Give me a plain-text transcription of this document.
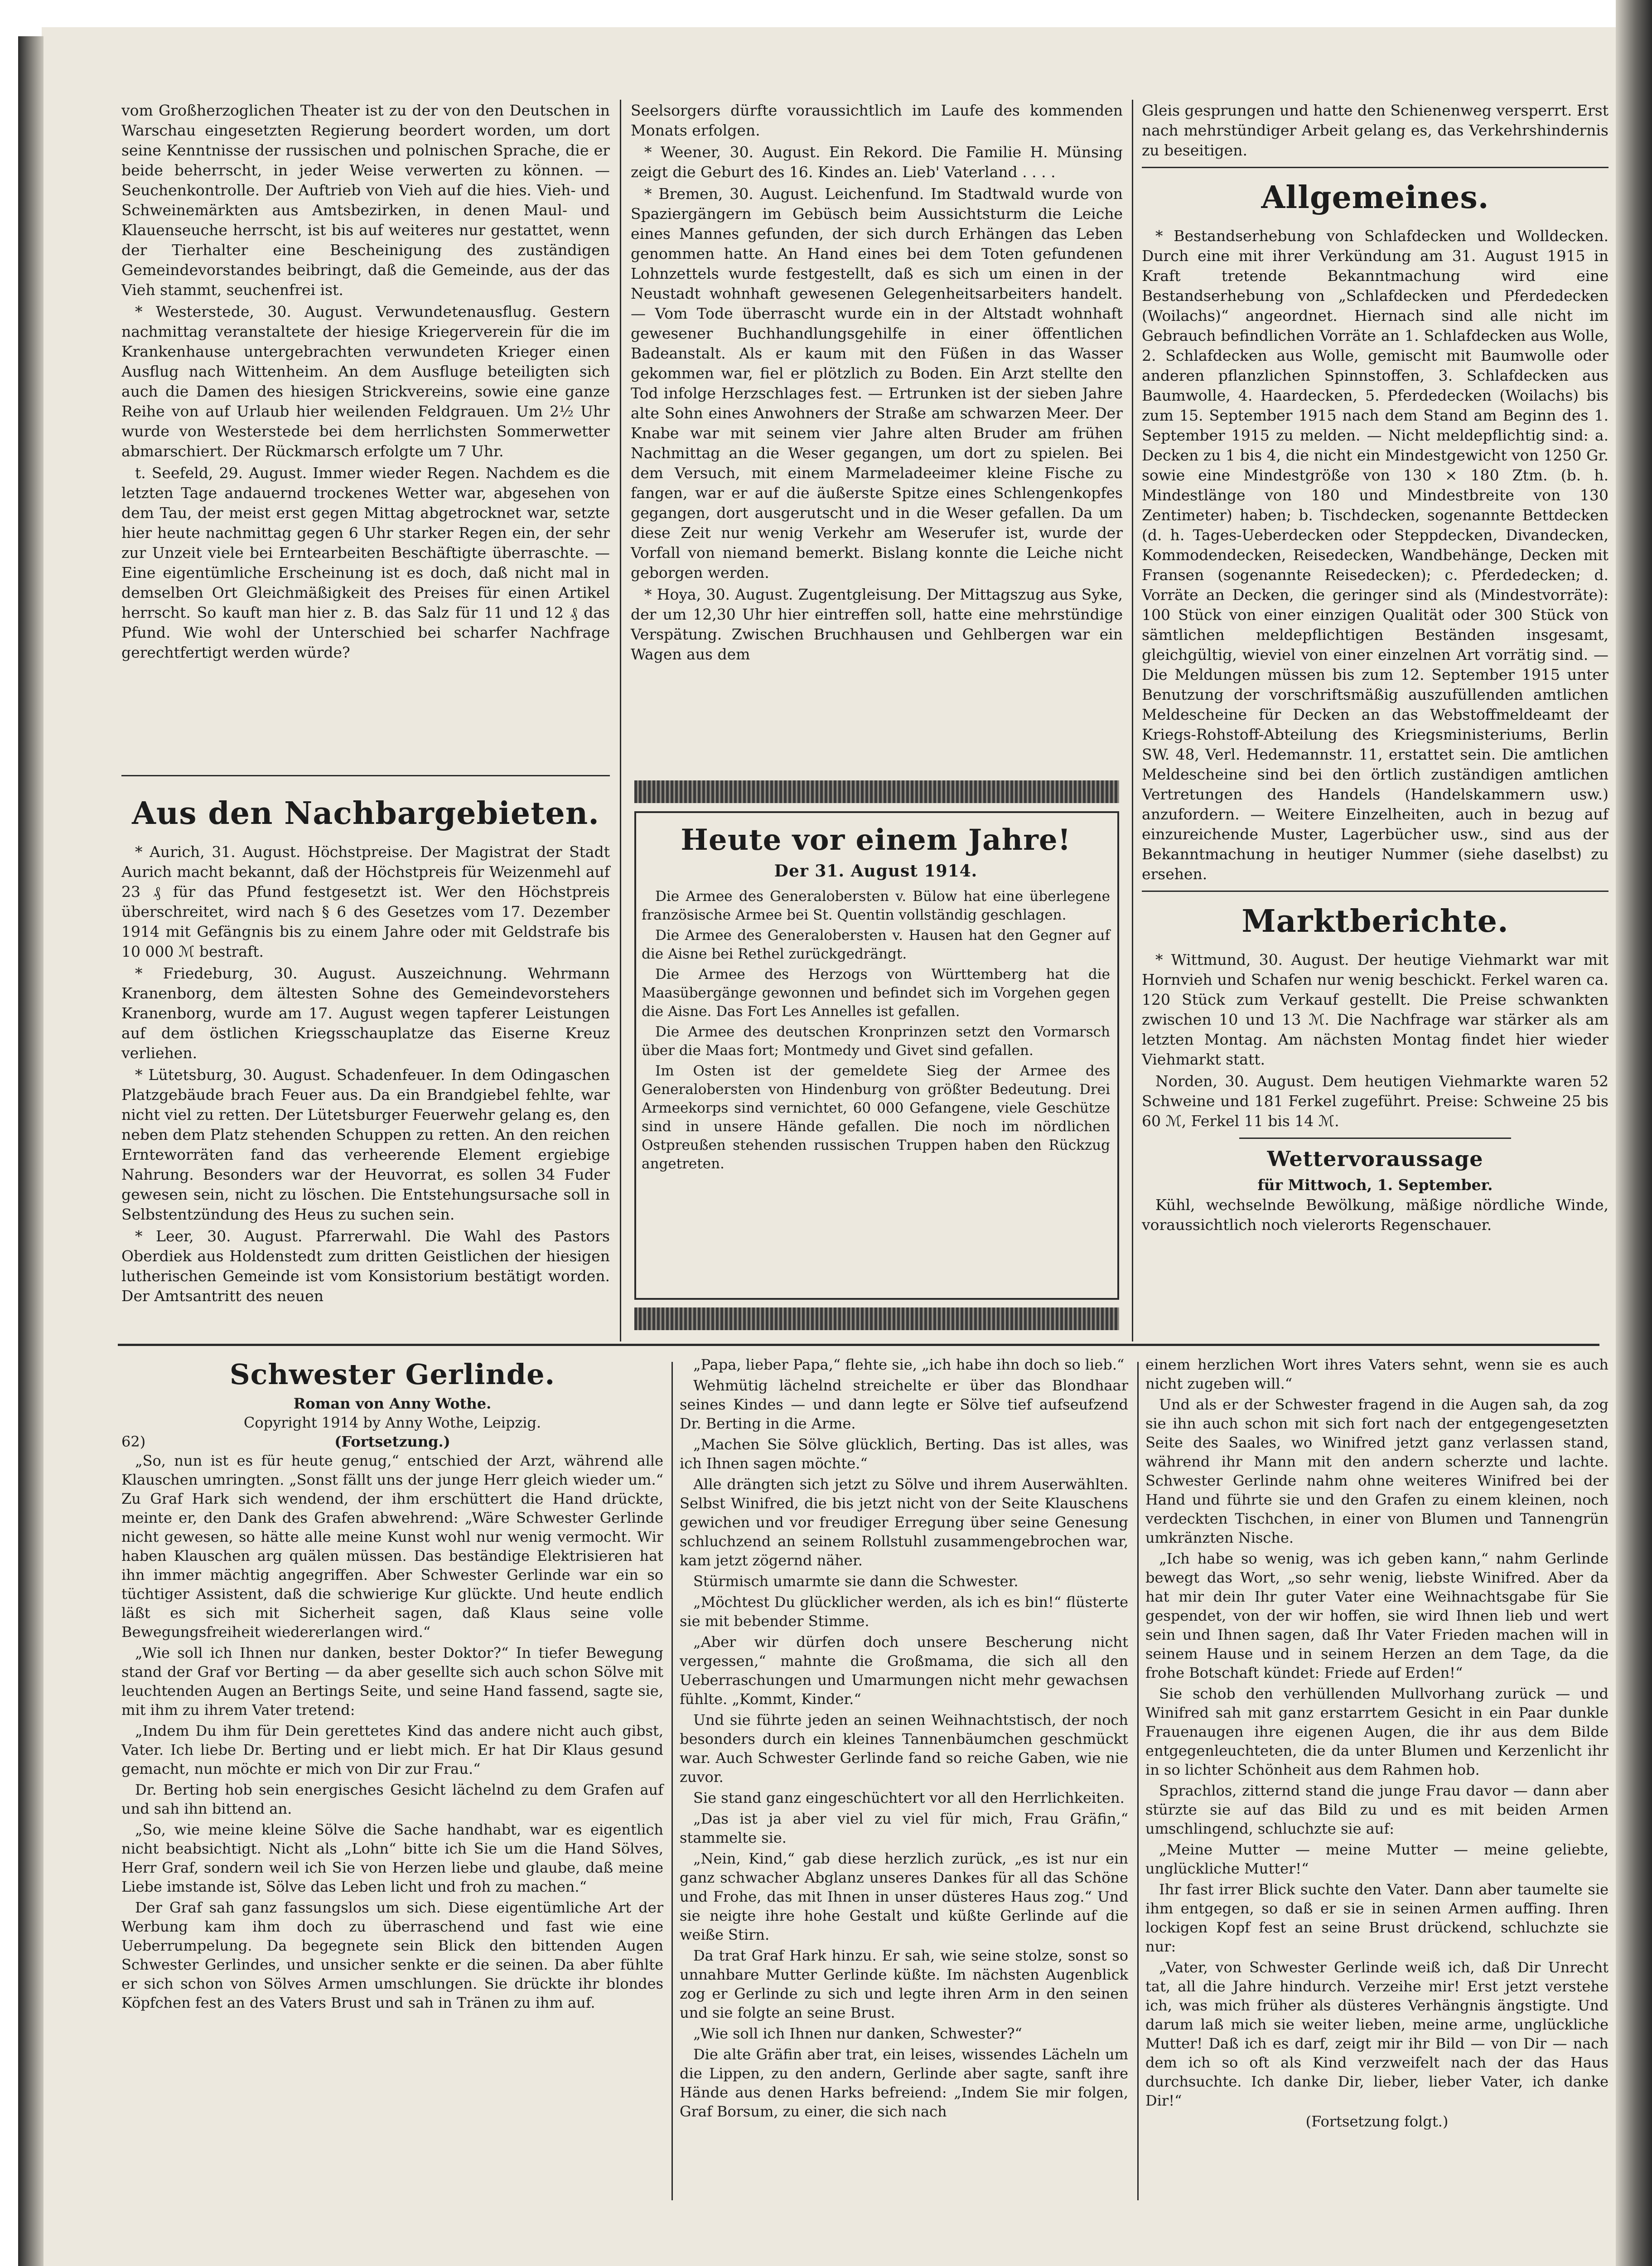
vom Großherzoglichen Theater ist zu der von den Deutschen in Warschau eingesetzten Regierung beordert worden, um dort seine Kenntnisse der russischen und polnischen Sprache, die er beide beherrscht, in jeder Weise verwerten zu können. — Seuchenkontrolle. Der Auftrieb von Vieh auf die hies. Vieh- und Schweinemärkten aus Amtsbezirken, in denen Maul- und Klauenseuche herrscht, ist bis auf weiteres nur gestattet, wenn der Tierhalter eine Bescheinigung des zuständigen Gemeindevorstandes beibringt, daß die Gemeinde, aus der das Vieh stammt, seuchenfrei ist.

* Westerstede, 30. August. Verwundetenausflug. Gestern nachmittag veranstaltete der hiesige Kriegerverein für die im Krankenhause untergebrachten verwundeten Krieger einen Ausflug nach Wittenheim. An dem Ausfluge beteiligten sich auch die Damen des hiesigen Strickvereins, sowie eine ganze Reihe von auf Urlaub hier weilenden Feldgrauen. Um 2½ Uhr wurde von Westerstede bei dem herrlichsten Sommerwetter abmarschiert. Der Rückmarsch erfolgte um 7 Uhr.

t. Seefeld, 29. August. Immer wieder Regen. Nachdem es die letzten Tage andauernd trockenes Wetter war, abgesehen von dem Tau, der meist erst gegen Mittag abgetrocknet war, setzte hier heute nachmittag gegen 6 Uhr starker Regen ein, der sehr zur Unzeit viele bei Erntearbeiten Beschäftigte überraschte. — Eine eigentümliche Erscheinung ist es doch, daß nicht mal in demselben Ort Gleichmäßigkeit des Preises für einen Artikel herrscht. So kauft man hier z. B. das Salz für 11 und 12 ₰ das Pfund. Wie wohl der Unterschied bei scharfer Nachfrage gerechtfertigt werden würde?

Aus den Nachbargebieten.

* Aurich, 31. August. Höchstpreise. Der Magistrat der Stadt Aurich macht bekannt, daß der Höchstpreis für Weizenmehl auf 23 ₰ für das Pfund festgesetzt ist. Wer den Höchstpreis überschreitet, wird nach § 6 des Gesetzes vom 17. Dezember 1914 mit Gefängnis bis zu einem Jahre oder mit Geldstrafe bis 10 000 ℳ bestraft.

* Friedeburg, 30. August. Auszeichnung. Wehrmann Kranenborg, dem ältesten Sohne des Gemeindevorstehers Kranenborg, wurde am 17. August wegen tapferer Leistungen auf dem östlichen Kriegsschauplatze das Eiserne Kreuz verliehen.

* Lütetsburg, 30. August. Schadenfeuer. In dem Odingaschen Platzgebäude brach Feuer aus. Da ein Brandgiebel fehlte, war nicht viel zu retten. Der Lütetsburger Feuerwehr gelang es, den neben dem Platz stehenden Schuppen zu retten. An den reichen Ernteworräten fand das verheerende Element ergiebige Nahrung. Besonders war der Heuvorrat, es sollen 34 Fuder gewesen sein, nicht zu löschen. Die Entstehungsursache soll in Selbstentzündung des Heus zu suchen sein.

* Leer, 30. August. Pfarrerwahl. Die Wahl des Pastors Oberdiek aus Holdenstedt zum dritten Geistlichen der hiesigen lutherischen Gemeinde ist vom Konsistorium bestätigt worden. Der Amtsantritt des neuen

Seelsorgers dürfte voraussichtlich im Laufe des kommenden Monats erfolgen.

* Weener, 30. August. Ein Rekord. Die Familie H. Münsing zeigt die Geburt des 16. Kindes an. Lieb' Vaterland . . . .

* Bremen, 30. August. Leichenfund. Im Stadtwald wurde von Spaziergängern im Gebüsch beim Aussichtsturm die Leiche eines Mannes gefunden, der sich durch Erhängen das Leben genommen hatte. An Hand eines bei dem Toten gefundenen Lohnzettels wurde festgestellt, daß es sich um einen in der Neustadt wohnhaft gewesenen Gelegenheitsarbeiters handelt. — Vom Tode überrascht wurde ein in der Altstadt wohnhaft gewesener Buchhandlungsgehilfe in einer öffentlichen Badeanstalt. Als er kaum mit den Füßen in das Wasser gekommen war, fiel er plötzlich zu Boden. Ein Arzt stellte den Tod infolge Herzschlages fest. — Ertrunken ist der sieben Jahre alte Sohn eines Anwohners der Straße am schwarzen Meer. Der Knabe war mit seinem vier Jahre alten Bruder am frühen Nachmittag an die Weser gegangen, um dort zu spielen. Bei dem Versuch, mit einem Marmeladeeimer kleine Fische zu fangen, war er auf die äußerste Spitze eines Schlengenkopfes gegangen, dort ausgerutscht und in die Weser gefallen. Da um diese Zeit nur wenig Verkehr am Weserufer ist, wurde der Vorfall von niemand bemerkt. Bislang konnte die Leiche nicht geborgen werden.

* Hoya, 30. August. Zugentgleisung. Der Mittagszug aus Syke, der um 12,30 Uhr hier eintreffen soll, hatte eine mehrstündige Verspätung. Zwischen Bruchhausen und Gehlbergen war ein Wagen aus dem

Heute vor einem Jahre!
Der 31. August 1914.

Die Armee des Generalobersten v. Bülow hat eine überlegene französische Armee bei St. Quentin vollständig geschlagen.

Die Armee des Generalobersten v. Hausen hat den Gegner auf die Aisne bei Rethel zurückgedrängt.

Die Armee des Herzogs von Württemberg hat die Maasübergänge gewonnen und befindet sich im Vorgehen gegen die Aisne. Das Fort Les Annelles ist gefallen.

Die Armee des deutschen Kronprinzen setzt den Vormarsch über die Maas fort; Montmedy und Givet sind gefallen.

Im Osten ist der gemeldete Sieg der Armee des Generalobersten von Hindenburg von größter Bedeutung. Drei Armeekorps sind vernichtet, 60 000 Gefangene, viele Geschütze sind in unsere Hände gefallen. Die noch im nördlichen Ostpreußen stehenden russischen Truppen haben den Rückzug angetreten.

Gleis gesprungen und hatte den Schienenweg versperrt. Erst nach mehrstündiger Arbeit gelang es, das Verkehrshindernis zu beseitigen.

Allgemeines.

* Bestandserhebung von Schlafdecken und Wolldecken. Durch eine mit ihrer Verkündung am 31. August 1915 in Kraft tretende Bekanntmachung wird eine Bestandserhebung von „Schlafdecken und Pferdedecken (Woilachs)“ angeordnet. Hiernach sind alle nicht im Gebrauch befindlichen Vorräte an 1. Schlafdecken aus Wolle, 2. Schlafdecken aus Wolle, gemischt mit Baumwolle oder anderen pflanzlichen Spinnstoffen, 3. Schlafdecken aus Baumwolle, 4. Haardecken, 5. Pferdedecken (Woilachs) bis zum 15. September 1915 nach dem Stand am Beginn des 1. September 1915 zu melden. — Nicht meldepflichtig sind: a. Decken zu 1 bis 4, die nicht ein Mindestgewicht von 1250 Gr. sowie eine Mindestgröße von 130 × 180 Ztm. (b. h. Mindestlänge von 180 und Mindestbreite von 130 Zentimeter) haben; b. Tischdecken, sogenannte Bettdecken (d. h. Tages-Ueberdecken oder Steppdecken, Divandecken, Kommodendecken, Reisedecken, Wandbehänge, Decken mit Fransen (sogenannte Reisedecken); c. Pferdedecken; d. Vorräte an Decken, die geringer sind als (Mindestvorräte): 100 Stück von einer einzigen Qualität oder 300 Stück von sämtlichen meldepflichtigen Beständen insgesamt, gleichgültig, wieviel von einer einzelnen Art vorrätig sind. — Die Meldungen müssen bis zum 12. September 1915 unter Benutzung der vorschriftsmäßig auszufüllenden amtlichen Meldescheine für Decken an das Webstoffmeldeamt der Kriegs-Rohstoff-Abteilung des Kriegsministeriums, Berlin SW. 48, Verl. Hedemannstr. 11, erstattet sein. Die amtlichen Meldescheine sind bei den örtlich zuständigen amtlichen Vertretungen des Handels (Handelskammern usw.) anzufordern. — Weitere Einzelheiten, auch in bezug auf einzureichende Muster, Lagerbücher usw., sind aus der Bekanntmachung in heutiger Nummer (siehe daselbst) zu ersehen.

Marktberichte.

* Wittmund, 30. August. Der heutige Viehmarkt war mit Hornvieh und Schafen nur wenig beschickt. Ferkel waren ca. 120 Stück zum Verkauf gestellt. Die Preise schwankten zwischen 10 und 13 ℳ. Die Nachfrage war stärker als am letzten Montag. Am nächsten Montag findet hier wieder Viehmarkt statt.

Norden, 30. August. Dem heutigen Viehmarkte waren 52 Schweine und 181 Ferkel zugeführt. Preise: Schweine 25 bis 60 ℳ, Ferkel 11 bis 14 ℳ.

Wettervoraussage
für Mittwoch, 1. September.

Kühl, wechselnde Bewölkung, mäßige nördliche Winde, voraussichtlich noch vielerorts Regenschauer.

Schwester Gerlinde.
Roman von Anny Wothe.
Copyright 1914 by Anny Wothe, Leipzig.
62)	(Fortsetzung.)

„So, nun ist es für heute genug,“ entschied der Arzt, während alle Klauschen umringten. „Sonst fällt uns der junge Herr gleich wieder um.“ Zu Graf Hark sich wendend, der ihm erschüttert die Hand drückte, meinte er, den Dank des Grafen abwehrend: „Wäre Schwester Gerlinde nicht gewesen, so hätte alle meine Kunst wohl nur wenig vermocht. Wir haben Klauschen arg quälen müssen. Das beständige Elektrisieren hat ihn immer mächtig angegriffen. Aber Schwester Gerlinde war ein so tüchtiger Assistent, daß die schwierige Kur glückte. Und heute endlich läßt es sich mit Sicherheit sagen, daß Klaus seine volle Bewegungsfreiheit wiedererlangen wird.“

„Wie soll ich Ihnen nur danken, bester Doktor?“ In tiefer Bewegung stand der Graf vor Berting — da aber gesellte sich auch schon Sölve mit leuchtenden Augen an Bertings Seite, und seine Hand fassend, sagte sie, mit ihm zu ihrem Vater tretend:

„Indem Du ihm für Dein gerettetes Kind das andere nicht auch gibst, Vater. Ich liebe Dr. Berting und er liebt mich. Er hat Dir Klaus gesund gemacht, nun möchte er mich von Dir zur Frau.“

Dr. Berting hob sein energisches Gesicht lächelnd zu dem Grafen auf und sah ihn bittend an.

„So, wie meine kleine Sölve die Sache handhabt, war es eigentlich nicht beabsichtigt. Nicht als „Lohn“ bitte ich Sie um die Hand Sölves, Herr Graf, sondern weil ich Sie von Herzen liebe und glaube, daß meine Liebe imstande ist, Sölve das Leben licht und froh zu machen.“

Der Graf sah ganz fassungslos um sich. Diese eigentümliche Art der Werbung kam ihm doch zu überraschend und fast wie eine Ueberrumpelung. Da begegnete sein Blick den bittenden Augen Schwester Gerlindes, und unsicher senkte er die seinen. Da aber fühlte er sich schon von Sölves Armen umschlungen. Sie drückte ihr blondes Köpfchen fest an des Vaters Brust und sah in Tränen zu ihm auf.

„Papa, lieber Papa,“ flehte sie, „ich habe ihn doch so lieb.“

Wehmütig lächelnd streichelte er über das Blondhaar seines Kindes — und dann legte er Sölve tief aufseufzend Dr. Berting in die Arme.

„Machen Sie Sölve glücklich, Berting. Das ist alles, was ich Ihnen sagen möchte.“

Alle drängten sich jetzt zu Sölve und ihrem Auserwählten. Selbst Winifred, die bis jetzt nicht von der Seite Klauschens gewichen und vor freudiger Erregung über seine Genesung schluchzend an seinem Rollstuhl zusammengebrochen war, kam jetzt zögernd näher.

Stürmisch umarmte sie dann die Schwester.

„Möchtest Du glücklicher werden, als ich es bin!“ flüsterte sie mit bebender Stimme.

„Aber wir dürfen doch unsere Bescherung nicht vergessen,“ mahnte die Großmama, die sich all den Ueberraschungen und Umarmungen nicht mehr gewachsen fühlte. „Kommt, Kinder.“

Und sie führte jeden an seinen Weihnachtstisch, der noch besonders durch ein kleines Tannenbäumchen geschmückt war. Auch Schwester Gerlinde fand so reiche Gaben, wie nie zuvor.

Sie stand ganz eingeschüchtert vor all den Herrlichkeiten.

„Das ist ja aber viel zu viel für mich, Frau Gräfin,“ stammelte sie.

„Nein, Kind,“ gab diese herzlich zurück, „es ist nur ein ganz schwacher Abglanz unseres Dankes für all das Schöne und Frohe, das mit Ihnen in unser düsteres Haus zog.“ Und sie neigte ihre hohe Gestalt und küßte Gerlinde auf die weiße Stirn.

Da trat Graf Hark hinzu. Er sah, wie seine stolze, sonst so unnahbare Mutter Gerlinde küßte. Im nächsten Augenblick zog er Gerlinde zu sich und legte ihren Arm in den seinen und sie folgte an seine Brust.

„Wie soll ich Ihnen nur danken, Schwester?“

Die alte Gräfin aber trat, ein leises, wissendes Lächeln um die Lippen, zu den andern, Gerlinde aber sagte, sanft ihre Hände aus denen Harks befreiend: „Indem Sie mir folgen, Graf Borsum, zu einer, die sich nach

einem herzlichen Wort ihres Vaters sehnt, wenn sie es auch nicht zugeben will.“

Und als er der Schwester fragend in die Augen sah, da zog sie ihn auch schon mit sich fort nach der entgegengesetzten Seite des Saales, wo Winifred jetzt ganz verlassen stand, während ihr Mann mit den andern scherzte und lachte. Schwester Gerlinde nahm ohne weiteres Winifred bei der Hand und führte sie und den Grafen zu einem kleinen, noch verdeckten Tischchen, in einer von Blumen und Tannengrün umkränzten Nische.

„Ich habe so wenig, was ich geben kann,“ nahm Gerlinde bewegt das Wort, „so sehr wenig, liebste Winifred. Aber da hat mir dein Ihr guter Vater eine Weihnachtsgabe für Sie gespendet, von der wir hoffen, sie wird Ihnen lieb und wert sein und Ihnen sagen, daß Ihr Vater Frieden machen will in seinem Hause und in seinem Herzen an dem Tage, da die frohe Botschaft kündet: Friede auf Erden!“

Sie schob den verhüllenden Mullvorhang zurück — und Winifred sah mit ganz erstarrtem Gesicht in ein Paar dunkle Frauenaugen ihre eigenen Augen, die ihr aus dem Bilde entgegenleuchteten, die da unter Blumen und Kerzenlicht ihr in so lichter Schönheit aus dem Rahmen hob.

Sprachlos, zitternd stand die junge Frau davor — dann aber stürzte sie auf das Bild zu und es mit beiden Armen umschlingend, schluchzte sie auf:

„Meine Mutter — meine Mutter — meine geliebte, unglückliche Mutter!“

Ihr fast irrer Blick suchte den Vater. Dann aber taumelte sie ihm entgegen, so daß er sie in seinen Armen auffing. Ihren lockigen Kopf fest an seine Brust drückend, schluchzte sie nur:

„Vater, von Schwester Gerlinde weiß ich, daß Dir Unrecht tat, all die Jahre hindurch. Verzeihe mir! Erst jetzt verstehe ich, was mich früher als düsteres Verhängnis ängstigte. Und darum laß mich sie weiter lieben, meine arme, unglückliche Mutter! Daß ich es darf, zeigt mir ihr Bild — von Dir — nach dem ich so oft als Kind verzweifelt nach der das Haus durchsuchte. Ich danke Dir, lieber, lieber Vater, ich danke Dir!“

(Fortsetzung folgt.)
